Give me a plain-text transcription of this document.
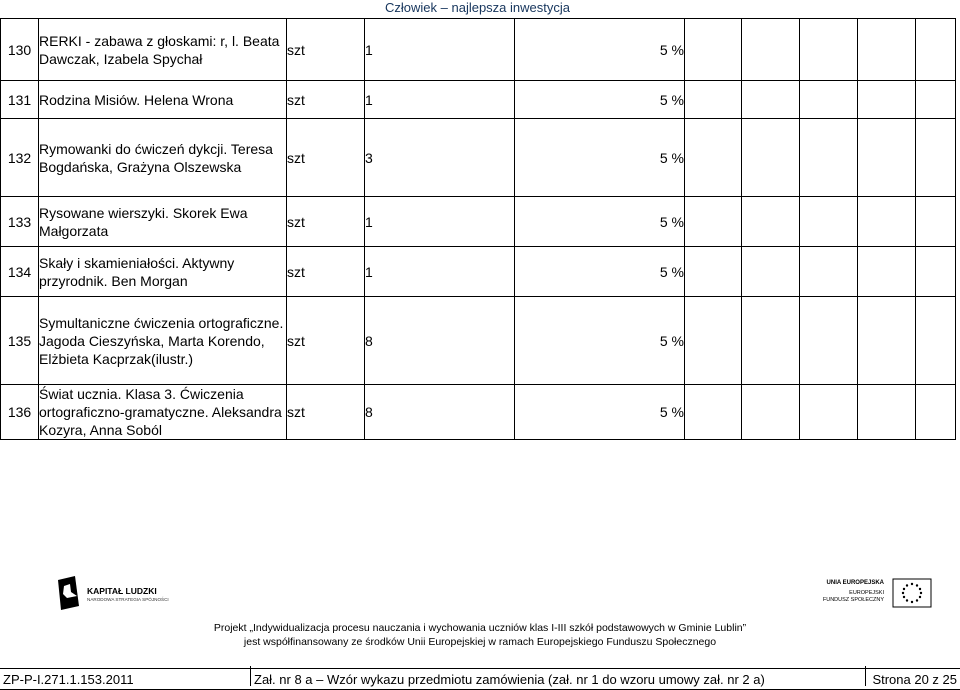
Człowiek – najlepsza inwestycja
130	RERKI - zabawa z głoskami: r, l. Beata Dawczak, Izabela Spychał	szt	1	5 %					
131	Rodzina Misiów. Helena Wrona	szt	1	5 %					
132	Rymowanki do ćwiczeń dykcji. Teresa Bogdańska, Grażyna Olszewska	szt	3	5 %					
133	Rysowane wierszyki. Skorek Ewa Małgorzata	szt	1	5 %					
134	Skały i skamieniałości. Aktywny przyrodnik. Ben Morgan	szt	1	5 %					
135	Symultaniczne ćwiczenia ortograficzne. Jagoda Cieszyńska, Marta Korendo, Elżbieta Kacprzak(ilustr.)	szt	8	5 %					
136	Świat ucznia. Klasa 3. Ćwiczenia ortograficzno-gramatyczne. Aleksandra Kozyra, Anna Soból	szt	8	5 %					
KAPITAŁ LUDZKI
NARODOWA STRATEGIA SPÓJNOŚCI
UNIA EUROPEJSKA
EUROPEJSKI
FUNDUSZ SPOŁECZNY
Projekt „Indywidualizacja procesu nauczania i wychowania uczniów klas I-III szkół podstawowych w Gminie Lublin”
jest współfinansowany ze środków Unii Europejskiej w ramach Europejskiego Funduszu Społecznego
ZP-P-I.271.1.153.2011	Zał. nr 8 a – Wzór wykazu przedmiotu zamówienia (zał. nr 1 do wzoru umowy zał. nr 2 a)	Strona 20 z 25
